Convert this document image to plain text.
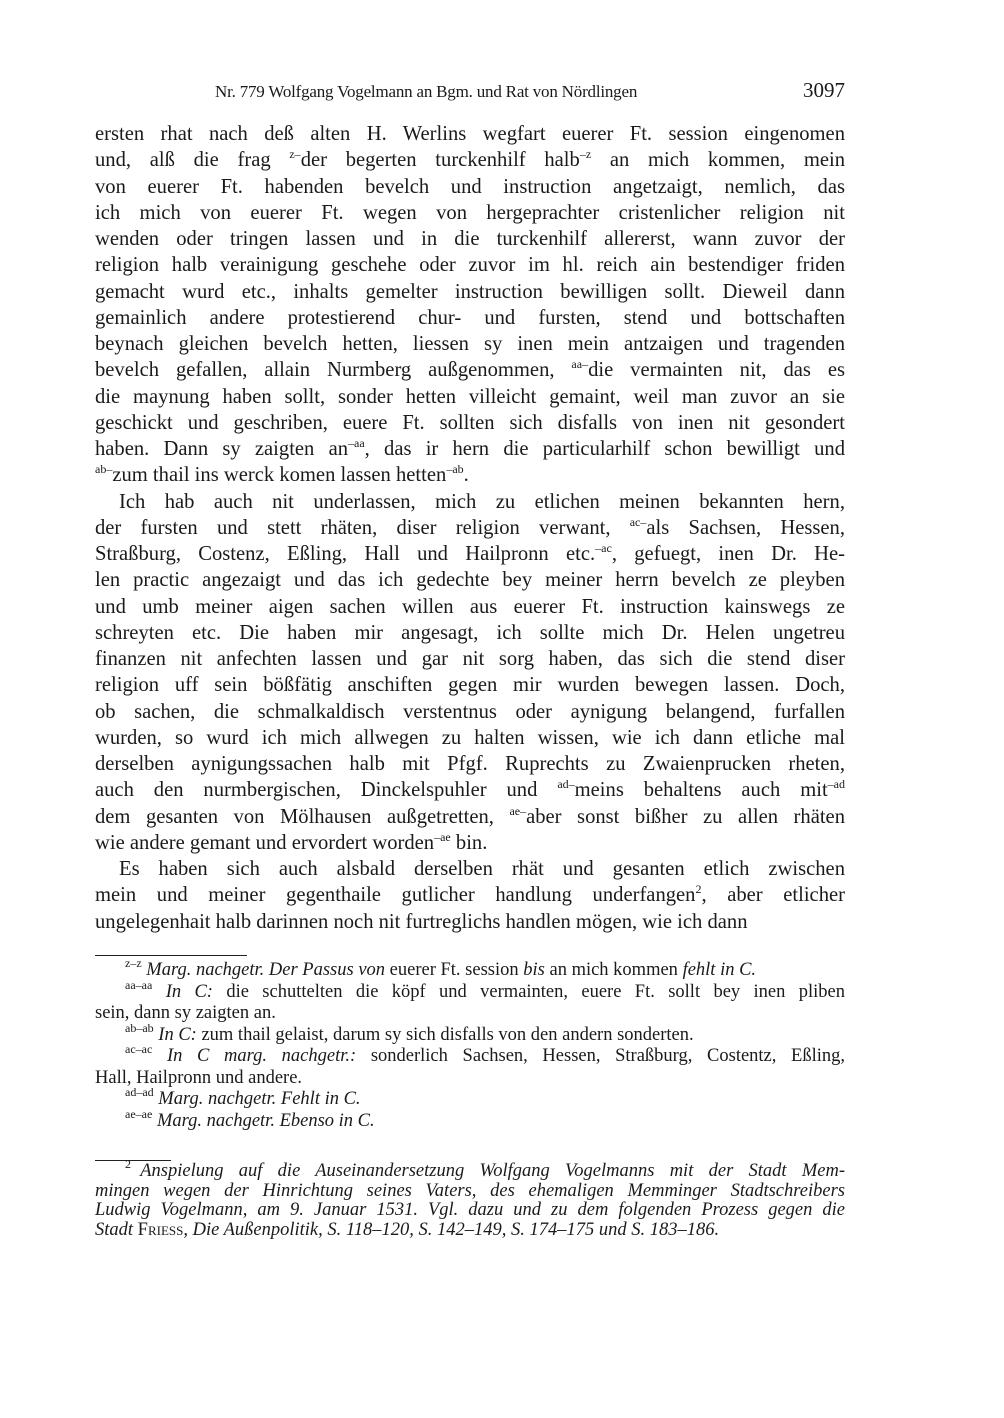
Nr. 779 Wolfgang Vogelmann an Bgm. und Rat von Nördlingen	3097
ersten rhat nach deß alten H. Werlins wegfart euerer Ft. session eingenomen
und, alß die frag $^{z-}$der begerten turckenhilf halb$^{-z}$ an mich kommen, mein
von euerer Ft. habenden bevelch und instruction angetzaigt, nemlich, das
ich mich von euerer Ft. wegen von hergeprachter cristenlicher religion nit
wenden oder tringen lassen und in die turckenhilf allererst, wann zuvor der
religion halb verainigung geschehe oder zuvor im hl. reich ain bestendiger friden
gemacht wurd etc., inhalts gemelter instruction bewilligen sollt. Dieweil dann
gemainlich andere protestierend chur- und fursten, stend und bottschaften
beynach gleichen bevelch hetten, liessen sy inen mein antzaigen und tragenden
bevelch gefallen, allain Nurmberg außgenommen, $^{aa-}$die vermainten nit, das es
die maynung haben sollt, sonder hetten villeicht gemaint, weil man zuvor an sie
geschickt und geschriben, euere Ft. sollten sich disfalls von inen nit gesondert
haben. Dann sy zaigten $an^{-aa}$, das ir hern die particularhilf schon bewilligt und
$^{ab-}$zum thail ins werck komen lassen hetten$^{-ab}$.
Ich hab auch nit underlassen, mich zu etlichen meinen bekannten hern,
der fursten und stett rhäten, diser religion verwant, $^{ac-}$als Sachsen, Hessen,
Straßburg, Costenz, Eßling, Hall und Hailpronn etc.$^{-ac}$, gefuegt, inen Dr. He-
len practic angezaigt und das ich gedechte bey meiner herrn bevelch ze pleyben
und umb meiner aigen sachen willen aus euerer Ft. instruction kainswegs ze
schreyten etc. Die haben mir angesagt, ich sollte mich Dr. Helen ungetreu
finanzen nit anfechten lassen und gar nit sorg haben, das sich die stend diser
religion uff sein bößfätig anschiften gegen mir wurden bewegen lassen. Doch,
ob sachen, die schmalkaldisch verstentnus oder aynigung belangend, furfallen
wurden, so wurd ich mich allwegen zu halten wissen, wie ich dann etliche mal
derselben aynigungssachen halb mit Pfgf. Ruprechts zu Zwaienprucken rheten,
auch den nurmbergischen, Dinckelspuhler und $^{ad-}$meins behaltens auch mit$^{-ad}$
dem gesanten von Mölhausen außgetretten, $^{ae-}$aber sonst bißher zu allen rhäten
wie andere gemant und ervordert worden$^{-ae}$ bin.
Es haben sich auch alsbald derselben rhät und gesanten etlich zwischen
mein und meiner gegenthaile gutlicher handlung underfangen$^2$, aber etlicher
ungelegenhait halb darinnen noch nit furtreglichs handlen mögen, wie ich dann
$^{z-z}$ Marg. nachgetr. Der Passus von euerer Ft. session bis an mich kommen fehlt in C.
$^{aa-aa}$ In C: die schuttelten die köpf und vermainten, euere Ft. sollt bey inen pliben
sein, dann sy zaigten an.
$^{ab-ab}$ In C: zum thail gelaist, darum sy sich disfalls von den andern sonderten.
$^{ac-ac}$ In C marg. nachgetr.: sonderlich Sachsen, Hessen, Straßburg, Costentz, Eßling,
Hall, Hailpronn und andere.
$^{ad-ad}$ Marg. nachgetr. Fehlt in C.
$^{ae-ae}$ Marg. nachgetr. Ebenso in C.
$^2$  Anspielung auf die Auseinandersetzung Wolfgang Vogelmanns mit der Stadt Mem-
mingen wegen der Hinrichtung seines Vaters, des ehemaligen Memminger Stadtschreibers
Ludwig Vogelmann, am 9. Januar 1531. Vgl. dazu und zu dem folgenden Prozess gegen die
Stadt Friess, Die Außenpolitik, S. 118–120, S. 142–149, S. 174–175 und S. 183–186.
